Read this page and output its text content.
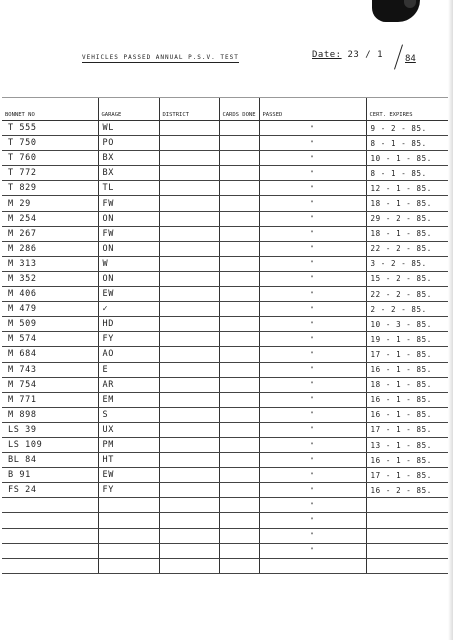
VEHICLES PASSED ANNUAL P.S.V. TEST	Date: 23 / 1 84
BONNET NO	GARAGE	DISTRICT	CARDS DONE	PASSED	CERT. EXPIRES
T 555	WL			"	9 - 2 - 85.
T 750	PO			"	8 - 1 - 85.
T 760	BX			"	10 - 1 - 85.
T 772	BX			"	8 - 1 - 85.
T 829	TL			"	12 - 1 - 85.
M 29	FW			"	18 - 1 - 85.
M 254	ON			"	29 - 2 - 85.
M 267	FW			"	18 - 1 - 85.
M 286	ON			"	22 - 2 - 85.
M 313	W			"	3 - 2 - 85.
M 352	ON			"	15 - 2 - 85.
M 406	EW			"	22 - 2 - 85.
M 479	✓			"	2 - 2 - 85.
M 509	HD			"	10 - 3 - 85.
M 574	FY			"	19 - 1 - 85.
M 684	AO			"	17 - 1 - 85.
M 743	E			"	16 - 1 - 85.
M 754	AR			"	18 - 1 - 85.
M 771	EM			"	16 - 1 - 85.
M 898	S			"	16 - 1 - 85.
LS 39	UX			"	17 - 1 - 85.
LS 109	PM			"	13 - 1 - 85.
BL 84	HT			"	16 - 1 - 85.
B 91	EW			"	17 - 1 - 85.
FS 24	FY			"	16 - 2 - 85.
				"	
				"	
				"	
				"	
